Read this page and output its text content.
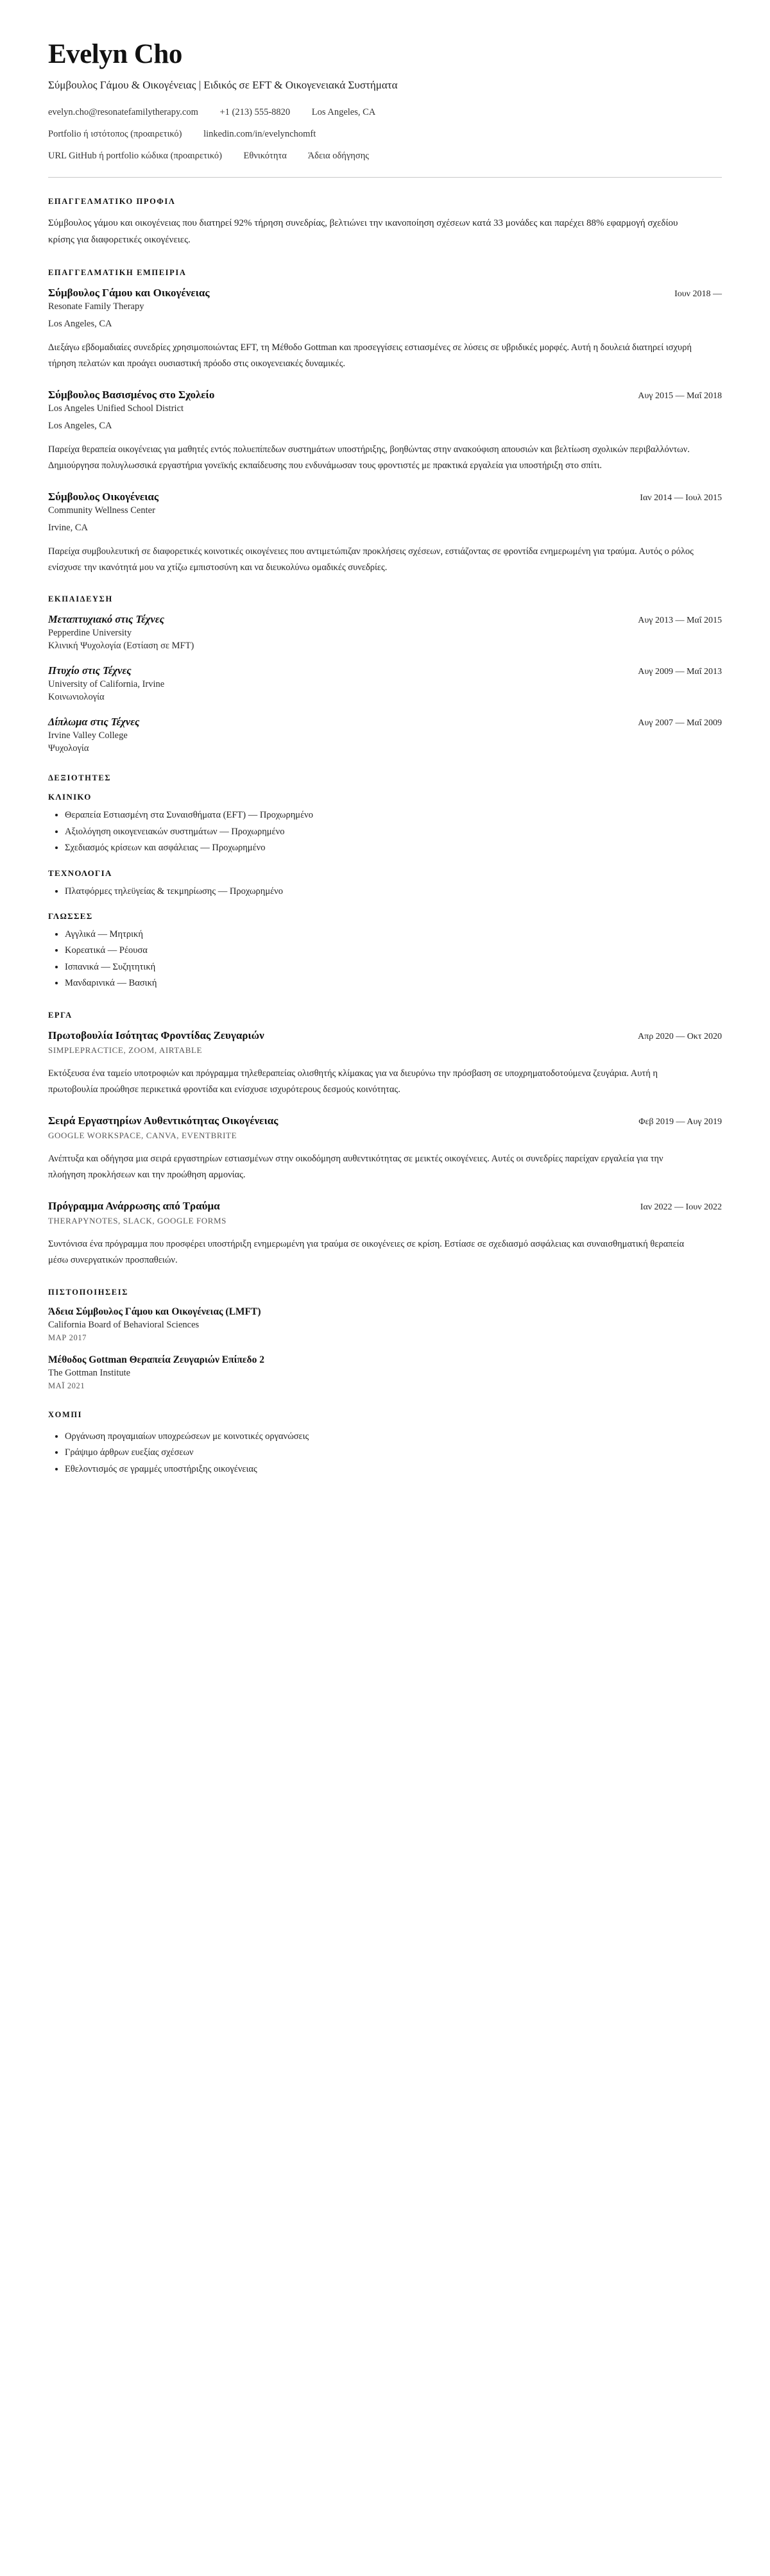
Evelyn Cho
Σύμβουλος Γάμου & Οικογένειας | Ειδικός σε EFT & Οικογενειακά Συστήματα
evelyn.cho@resonatefamilytherapy.com +1 (213) 555-8820 Los Angeles, CA
Portfolio ή ιστότοπος (προαιρετικό) linkedin.com/in/evelynchomft
URL GitHub ή portfolio κώδικα (προαιρετικό) Εθνικότητα Άδεια οδήγησης
ΕΠΑΓΓΕΛΜΑΤΙΚΟ ΠΡΟΦΙΛ

Σύμβουλος γάμου και οικογένειας που διατηρεί 92% τήρηση συνεδρίας, βελτιώνει την ικανοποίηση σχέσεων κατά 33 μονάδες και παρέχει 88% εφαρμογή σχεδίου κρίσης για διαφορετικές οικογένειες.

ΕΠΑΓΓΕΛΜΑΤΙΚΗ ΕΜΠΕΙΡΙΑ
Σύμβουλος Γάμου και Οικογένειας	Ιουν 2018 —
Resonate Family Therapy
Los Angeles, CA
Διεξάγω εβδομαδιαίες συνεδρίες χρησιμοποιώντας EFT, τη Μέθοδο Gottman και προσεγγίσεις εστιασμένες σε λύσεις σε υβριδικές μορφές. Αυτή η δουλειά διατηρεί ισχυρή τήρηση πελατών και προάγει ουσιαστική πρόοδο στις οικογενειακές δυναμικές.
Σύμβουλος Βασισμένος στο Σχολείο	Αυγ 2015 — Μαΐ 2018
Los Angeles Unified School District
Los Angeles, CA
Παρείχα θεραπεία οικογένειας για μαθητές εντός πολυεπίπεδων συστημάτων υποστήριξης, βοηθώντας στην ανακούφιση απουσιών και βελτίωση σχολικών περιβαλλόντων. Δημιούργησα πολυγλωσσικά εργαστήρια γονεϊκής εκπαίδευσης που ενδυνάμωσαν τους φροντιστές με πρακτικά εργαλεία για υποστήριξη στο σπίτι.
Σύμβουλος Οικογένειας	Ιαν 2014 — Ιουλ 2015
Community Wellness Center
Irvine, CA
Παρείχα συμβουλευτική σε διαφορετικές κοινοτικές οικογένειες που αντιμετώπιζαν προκλήσεις σχέσεων, εστιάζοντας σε φροντίδα ενημερωμένη για τραύμα. Αυτός ο ρόλος ενίσχυσε την ικανότητά μου να χτίζω εμπιστοσύνη και να διευκολύνω ομαδικές συνεδρίες.
ΕΚΠΑΙΔΕΥΣΗ
Μεταπτυχιακό στις Τέχνες	Αυγ 2013 — Μαΐ 2015
Pepperdine University
Κλινική Ψυχολογία (Εστίαση σε MFT)
Πτυχίο στις Τέχνες	Αυγ 2009 — Μαΐ 2013
University of California, Irvine
Κοινωνιολογία
Δίπλωμα στις Τέχνες	Αυγ 2007 — Μαΐ 2009
Irvine Valley College
Ψυχολογία
ΔΕΞΙΟΤΗΤΕΣ
ΚΛΙΝΙΚΟ
• Θεραπεία Εστιασμένη στα Συναισθήματα (EFT) — Προχωρημένο
• Αξιολόγηση οικογενειακών συστημάτων — Προχωρημένο
• Σχεδιασμός κρίσεων και ασφάλειας — Προχωρημένο
ΤΕΧΝΟΛΟΓΙΑ
• Πλατφόρμες τηλεϋγείας & τεκμηρίωσης — Προχωρημένο
ΓΛΩΣΣΕΣ
• Αγγλικά — Μητρική
• Κορεατικά — Ρέουσα
• Ισπανικά — Συζητητική
• Μανδαρινικά — Βασική
ΕΡΓΑ
Πρωτοβουλία Ισότητας Φροντίδας Ζευγαριών	Απρ 2020 — Οκτ 2020
SIMPLEPRACTICE, ZOOM, AIRTABLE
Εκτόξευσα ένα ταμείο υποτροφιών και πρόγραμμα τηλεθεραπείας ολισθητής κλίμακας για να διευρύνω την πρόσβαση σε υποχρηματοδοτούμενα ζευγάρια. Αυτή η πρωτοβουλία προώθησε περικετικά φροντίδα και ενίσχυσε ισχυρότερους δεσμούς κοινότητας.
Σειρά Εργαστηρίων Αυθεντικότητας Οικογένειας	Φεβ 2019 — Αυγ 2019
GOOGLE WORKSPACE, CANVA, EVENTBRITE
Ανέπτυξα και οδήγησα μια σειρά εργαστηρίων εστιασμένων στην οικοδόμηση αυθεντικότητας σε μεικτές οικογένειες. Αυτές οι συνεδρίες παρείχαν εργαλεία για την πλοήγηση προκλήσεων και την προώθηση αρμονίας.
Πρόγραμμα Ανάρρωσης από Τραύμα	Ιαν 2022 — Ιουν 2022
THERAPYNOTES, SLACK, GOOGLE FORMS
Συντόνισα ένα πρόγραμμα που προσφέρει υποστήριξη ενημερωμένη για τραύμα σε οικογένειες σε κρίση. Εστίασε σε σχεδιασμό ασφάλειας και συναισθηματική θεραπεία μέσω συνεργατικών προσπαθειών.
ΠΙΣΤΟΠΟΙΗΣΕΙΣ
Άδεια Σύμβουλος Γάμου και Οικογένειας (LMFT)
California Board of Behavioral Sciences
ΜΑΡ 2017
Μέθοδος Gottman Θεραπεία Ζευγαριών Επίπεδο 2
The Gottman Institute
ΜΑΪ 2021
ΧΟΜΠΙ
• Οργάνωση προγαμιαίων υποχρεώσεων με κοινοτικές οργανώσεις
• Γράψιμο άρθρων ευεξίας σχέσεων
• Εθελοντισμός σε γραμμές υποστήριξης οικογένειας
